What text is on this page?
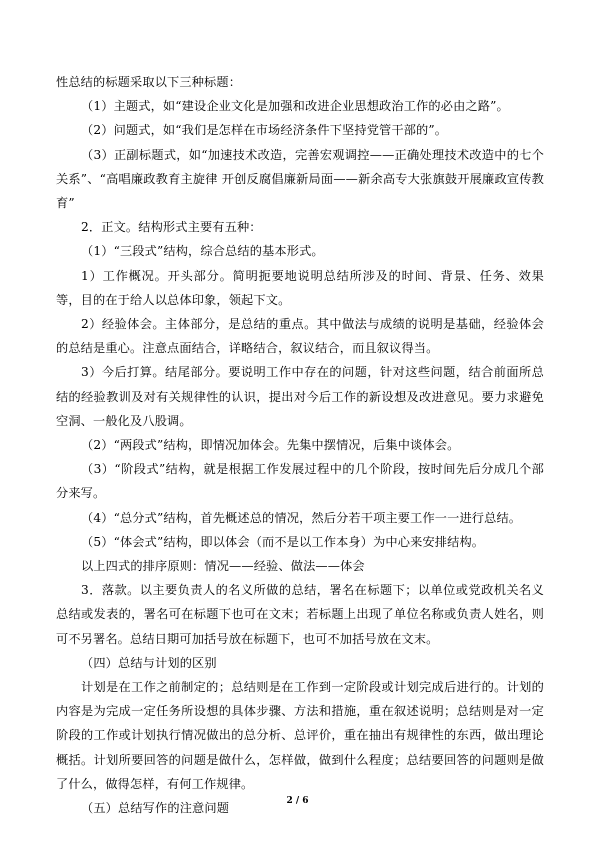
性总结的标题采取以下三种标题：

（1）主题式，如“建设企业文化是加强和改进企业思想政治工作的必由之路”。

（2）问题式，如“我们是怎样在市场经济条件下坚持党管干部的”。

（3）正副标题式，如“加速技术改造，完善宏观调控——正确处理技术改造中的七个关系”、“高唱廉政教育主旋律 开创反腐倡廉新局面——新余高专大张旗鼓开展廉政宣传教育”

2．正文。结构形式主要有五种：

（1）“三段式”结构，综合总结的基本形式。

1）工作概况。开头部分。简明扼要地说明总结所涉及的时间、背景、任务、效果等，目的在于给人以总体印象，领起下文。

2）经验体会。主体部分，是总结的重点。其中做法与成绩的说明是基础，经验体会的总结是重心。注意点面结合，详略结合，叙议结合，而且叙议得当。

3）今后打算。结尾部分。要说明工作中存在的问题，针对这些问题，结合前面所总结的经验教训及对有关规律性的认识，提出对今后工作的新设想及改进意见。要力求避免空洞、一般化及八股调。

（2）“两段式”结构，即情况加体会。先集中摆情况，后集中谈体会。

（3）“阶段式”结构，就是根据工作发展过程中的几个阶段，按时间先后分成几个部分来写。

（4）“总分式”结构，首先概述总的情况，然后分若干项主要工作一一进行总结。

（5）“体会式”结构，即以体会（而不是以工作本身）为中心来安排结构。

以上四式的排序原则：情况——经验、做法——体会

3．落款。以主要负责人的名义所做的总结，署名在标题下；以单位或党政机关名义总结或发表的，署名可在标题下也可在文末；若标题上出现了单位名称或负责人姓名，则可不另署名。总结日期可加括号放在标题下，也可不加括号放在文末。

（四）总结与计划的区别

计划是在工作之前制定的；总结则是在工作到一定阶段或计划完成后进行的。计划的内容是为完成一定任务所设想的具体步骤、方法和措施，重在叙述说明；总结则是对一定阶段的工作或计划执行情况做出的总分析、总评价，重在抽出有规律性的东西，做出理论概括。计划所要回答的问题是做什么，怎样做，做到什么程度；总结要回答的问题则是做了什么，做得怎样，有何工作规律。

（五）总结写作的注意问题

2 / 6
